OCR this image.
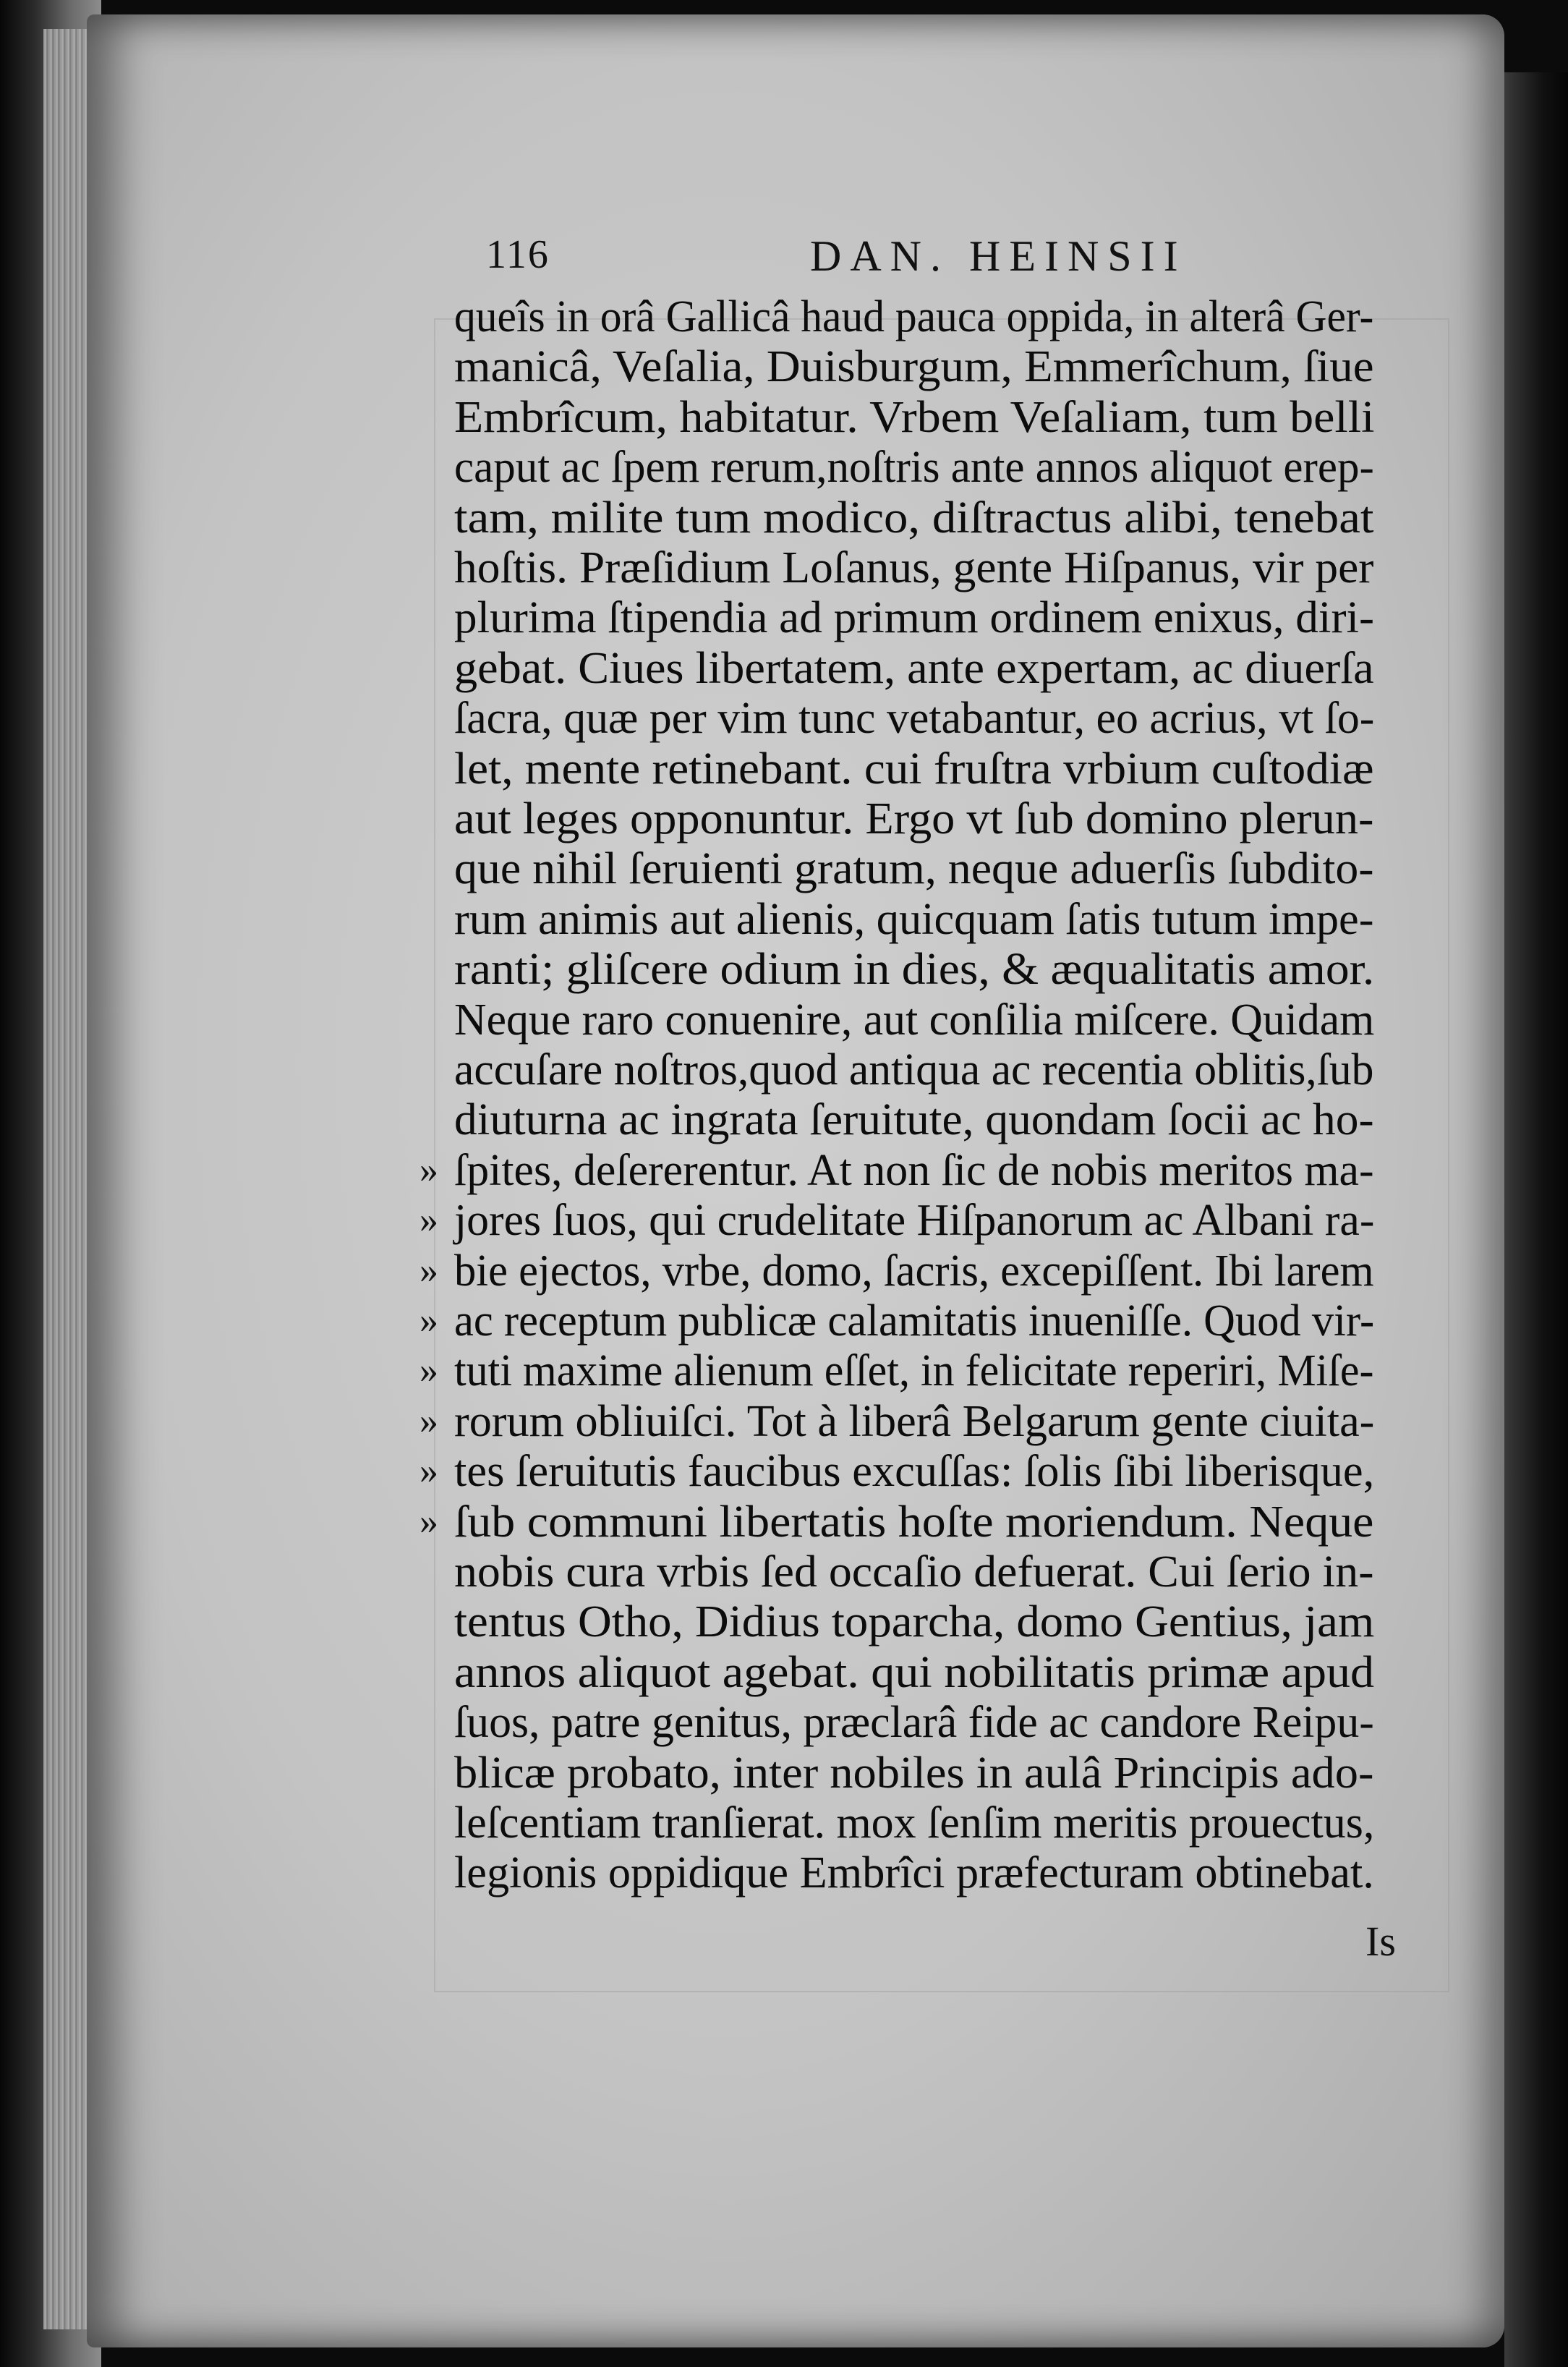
116	DAN. HEINSII
queîs in orâ Gallicâ haud pauca oppida, in alterâ Ger-
manicâ, Veſalia, Duisburgum, Emmerîchum, ſiue
Embrîcum, habitatur. Vrbem Veſaliam, tum belli
caput ac ſpem rerum,noſtris ante annos aliquot erep-
tam, milite tum modico, diſtractus alibi, tenebat
hoſtis. Præſidium Loſanus, gente Hiſpanus, vir per
plurima ſtipendia ad primum ordinem enixus, diri-
gebat. Ciues libertatem, ante expertam, ac diuerſa
ſacra, quæ per vim tunc vetabantur, eo acrius, vt ſo-
let, mente retinebant. cui fruſtra vrbium cuſtodiæ
aut leges opponuntur. Ergo vt ſub domino plerun-
que nihil ſeruienti gratum, neque aduerſis ſubdito-
rum animis aut alienis, quicquam ſatis tutum impe-
ranti; gliſcere odium in dies, & æqualitatis amor.
Neque raro conuenire, aut conſilia miſcere. Quidam
accuſare noſtros,quod antiqua ac recentia oblitis,ſub
diuturna ac ingrata ſeruitute, quondam ſocii ac ho-
» ſpites, deſererentur. At non ſic de nobis meritos ma-
» jores ſuos, qui crudelitate Hiſpanorum ac Albani ra-
» bie ejectos, vrbe, domo, ſacris, excepiſſent. Ibi larem
» ac receptum publicæ calamitatis inueniſſe. Quod vir-
» tuti maxime alienum eſſet, in felicitate reperiri, Miſe-
» rorum obliuiſci. Tot à liberâ Belgarum gente ciuita-
» tes ſeruitutis faucibus excuſſas: ſolis ſibi liberisque,
» ſub communi libertatis hoſte moriendum. Neque
nobis cura vrbis ſed occaſio defuerat. Cui ſerio in-
tentus Otho, Didius toparcha, domo Gentius, jam
annos aliquot agebat. qui nobilitatis primæ apud
ſuos, patre genitus, præclarâ fide ac candore Reipu-
blicæ probato, inter nobiles in aulâ Principis ado-
leſcentiam tranſierat. mox ſenſim meritis prouectus,
legionis oppidique Embrîci præfecturam obtinebat.
Is
